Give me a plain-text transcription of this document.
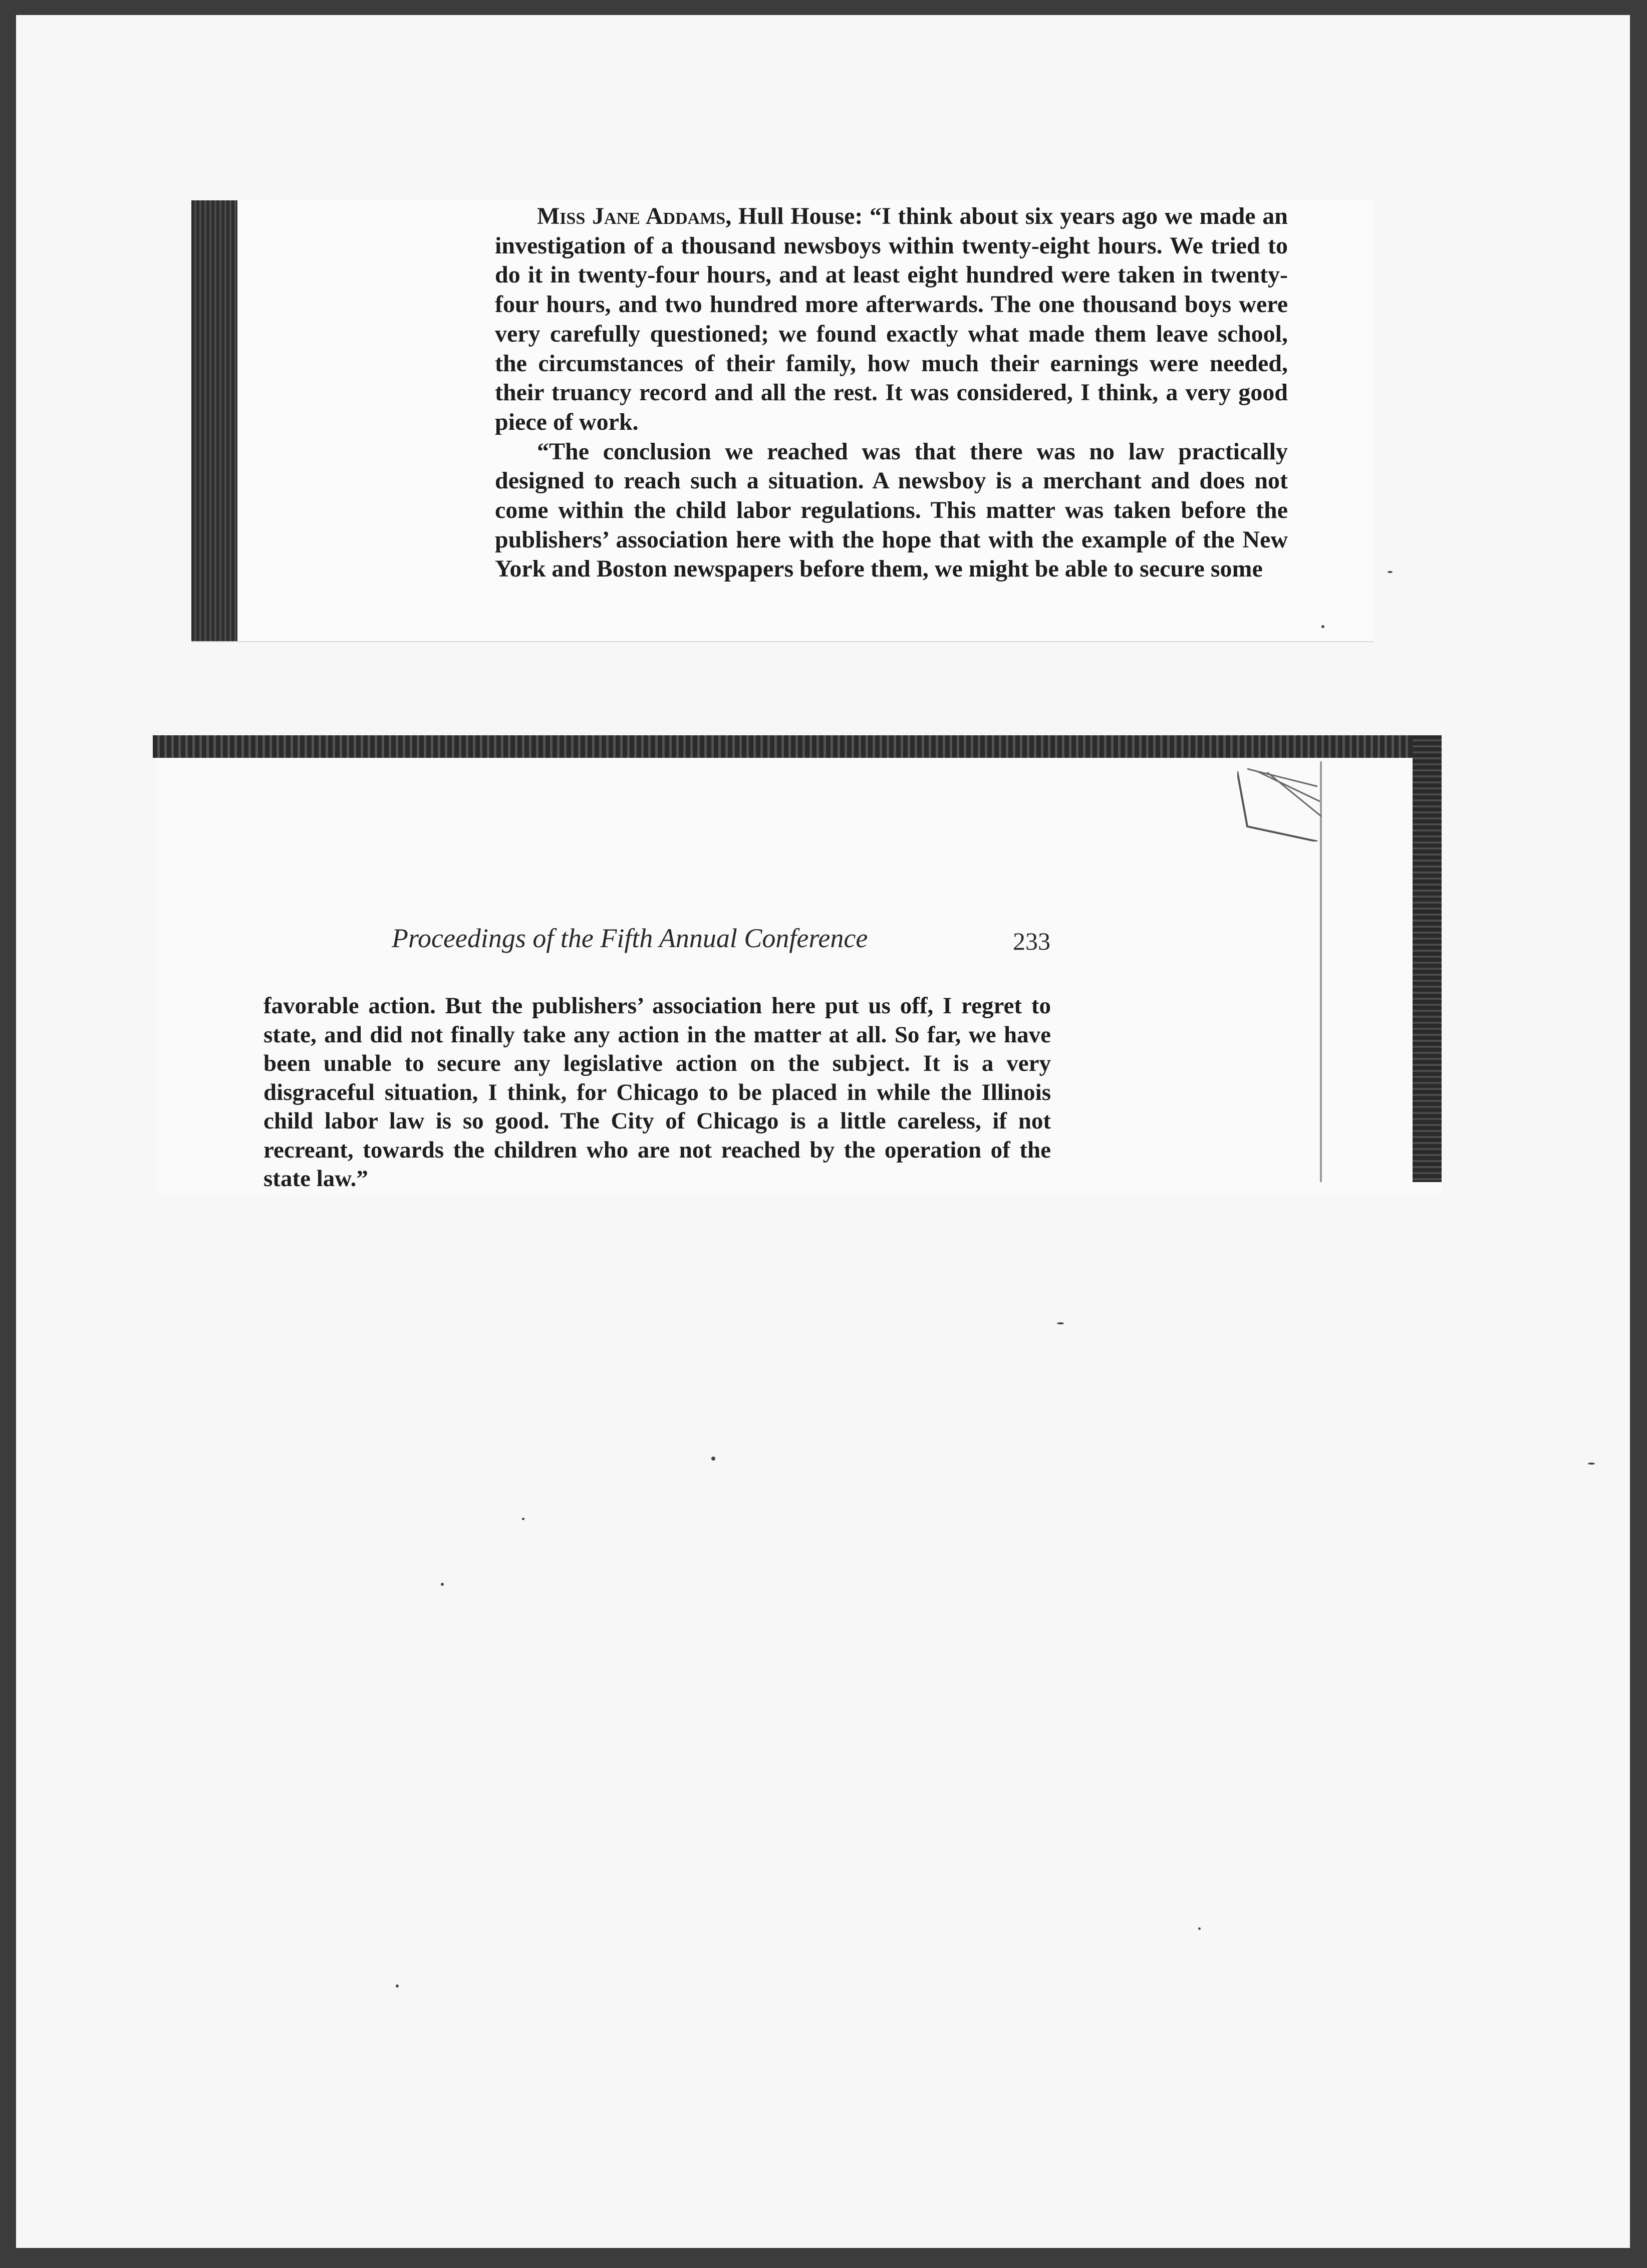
Miss Jane Addams, Hull House: “I think about six years ago we made an investigation of a thousand newsboys within twenty-eight hours. We tried to do it in twenty-four hours, and at least eight hundred were taken in twenty-four hours, and two hundred more afterwards. The one thousand boys were very carefully questioned; we found exactly what made them leave school, the circumstances of their family, how much their earnings were needed, their truancy record and all the rest. It was considered, I think, a very good piece of work.

“The conclusion we reached was that there was no law practically designed to reach such a situation. A newsboy is a merchant and does not come within the child labor regulations. This matter was taken before the publishers’ association here with the hope that with the example of the New York and Boston newspapers before them, we might be able to secure some

Proceedings of the Fifth Annual Conference	233

favorable action. But the publishers’ association here put us off, I regret to state, and did not finally take any action in the matter at all. So far, we have been unable to secure any legislative action on the subject. It is a very disgraceful situation, I think, for Chicago to be placed in while the Illinois child labor law is so good. The City of Chicago is a little careless, if not recreant, towards the children who are not reached by the operation of the state law.”
